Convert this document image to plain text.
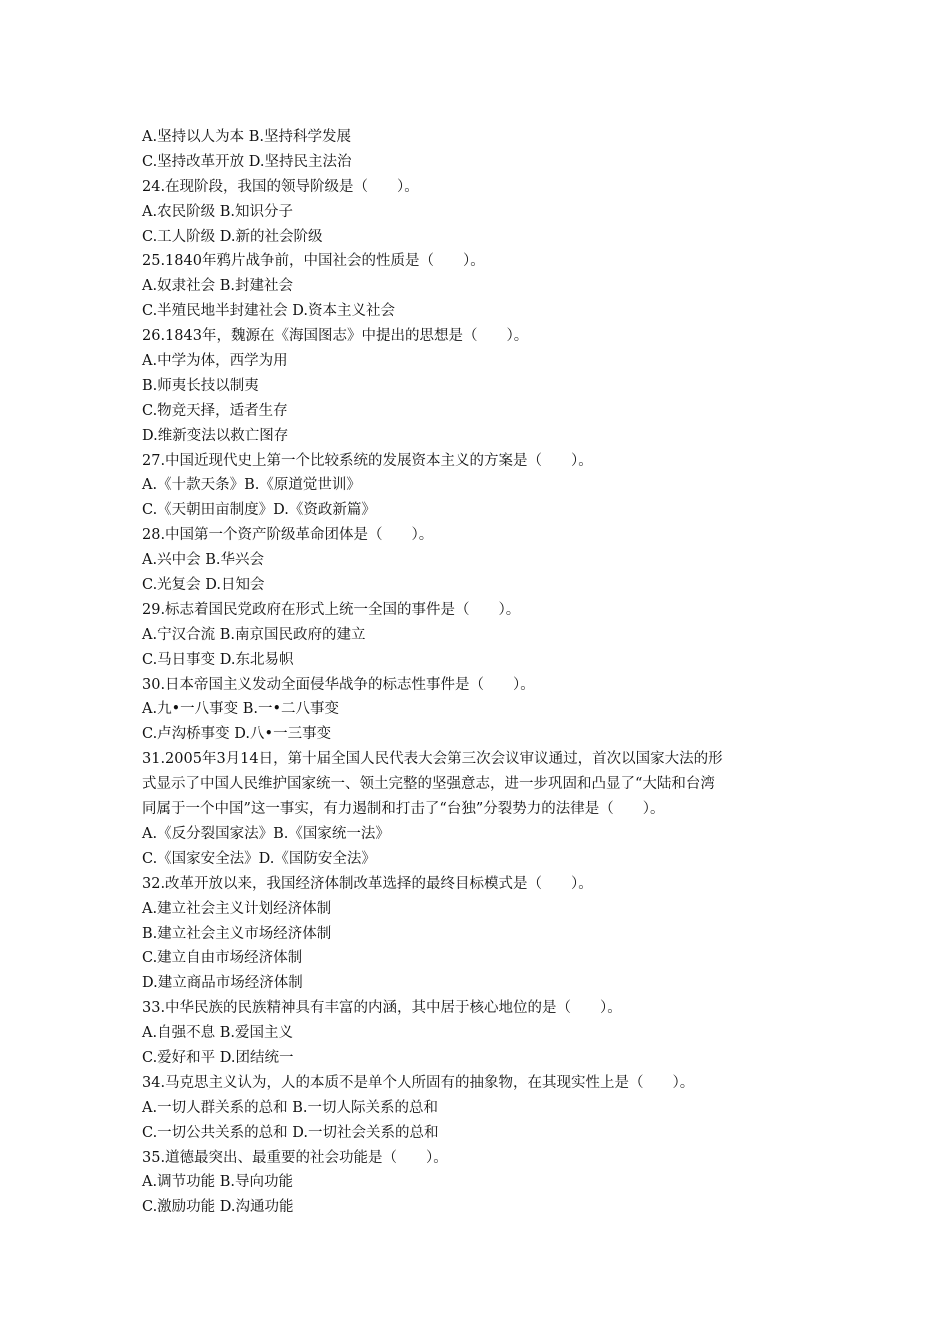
A.坚持以人为本 B.坚持科学发展
C.坚持改革开放 D.坚持民主法治
24.在现阶段，我国的领导阶级是（　　）。
A.农民阶级 B.知识分子
C.工人阶级 D.新的社会阶级
25.1840年鸦片战争前，中国社会的性质是（　　）。
A.奴隶社会 B.封建社会
C.半殖民地半封建社会 D.资本主义社会
26.1843年，魏源在《海国图志》中提出的思想是（　　）。
A.中学为体，西学为用
B.师夷长技以制夷
C.物竞天择，适者生存
D.维新变法以救亡图存
27.中国近现代史上第一个比较系统的发展资本主义的方案是（　　）。
A.《十款天条》B.《原道觉世训》
C.《天朝田亩制度》D.《资政新篇》
28.中国第一个资产阶级革命团体是（　　）。
A.兴中会 B.华兴会
C.光复会 D.日知会
29.标志着国民党政府在形式上统一全国的事件是（　　）。
A.宁汉合流 B.南京国民政府的建立
C.马日事变 D.东北易帜
30.日本帝国主义发动全面侵华战争的标志性事件是（　　）。
A.九•一八事变 B.一•二八事变
C.卢沟桥事变 D.八•一三事变
31.2005年3月14日，第十届全国人民代表大会第三次会议审议通过，首次以国家大法的形
式显示了中国人民维护国家统一、领土完整的坚强意志，进一步巩固和凸显了“大陆和台湾
同属于一个中国”这一事实，有力遏制和打击了“台独”分裂势力的法律是（　　）。
A.《反分裂国家法》B.《国家统一法》
C.《国家安全法》D.《国防安全法》
32.改革开放以来，我国经济体制改革选择的最终目标模式是（　　）。
A.建立社会主义计划经济体制
B.建立社会主义市场经济体制
C.建立自由市场经济体制
D.建立商品市场经济体制
33.中华民族的民族精神具有丰富的内涵，其中居于核心地位的是（　　）。
A.自强不息 B.爱国主义
C.爱好和平 D.团结统一
34.马克思主义认为，人的本质不是单个人所固有的抽象物，在其现实性上是（　　）。
A.一切人群关系的总和 B.一切人际关系的总和
C.一切公共关系的总和 D.一切社会关系的总和
35.道德最突出、最重要的社会功能是（　　）。
A.调节功能 B.导向功能
C.激励功能 D.沟通功能
